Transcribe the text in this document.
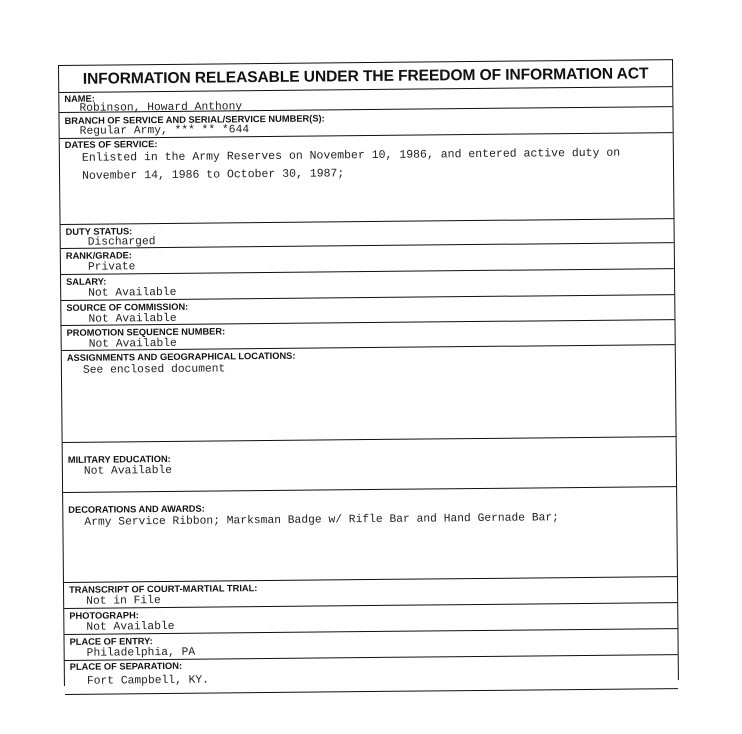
INFORMATION RELEASABLE UNDER THE FREEDOM OF INFORMATION ACT
NAME:
Robinson, Howard Anthony
BRANCH OF SERVICE AND SERIAL/SERVICE NUMBER(S):
Regular Army, *** ** *644
DATES OF SERVICE:
Enlisted in the Army Reserves on November 10, 1986, and entered active duty on November 14, 1986 to October 30, 1987;
DUTY STATUS:
Discharged
RANK/GRADE:
Private
SALARY:
Not Available
SOURCE OF COMMISSION:
Not Available
PROMOTION SEQUENCE NUMBER:
Not Available
ASSIGNMENTS AND GEOGRAPHICAL LOCATIONS:
See enclosed document
MILITARY EDUCATION:
Not Available
DECORATIONS AND AWARDS:
Army Service Ribbon; Marksman Badge w/ Rifle Bar and Hand Gernade Bar;
TRANSCRIPT OF COURT-MARTIAL TRIAL:
Not in File
PHOTOGRAPH:
Not Available
PLACE OF ENTRY:
Philadelphia, PA
PLACE OF SEPARATION:
Fort Campbell, KY.
